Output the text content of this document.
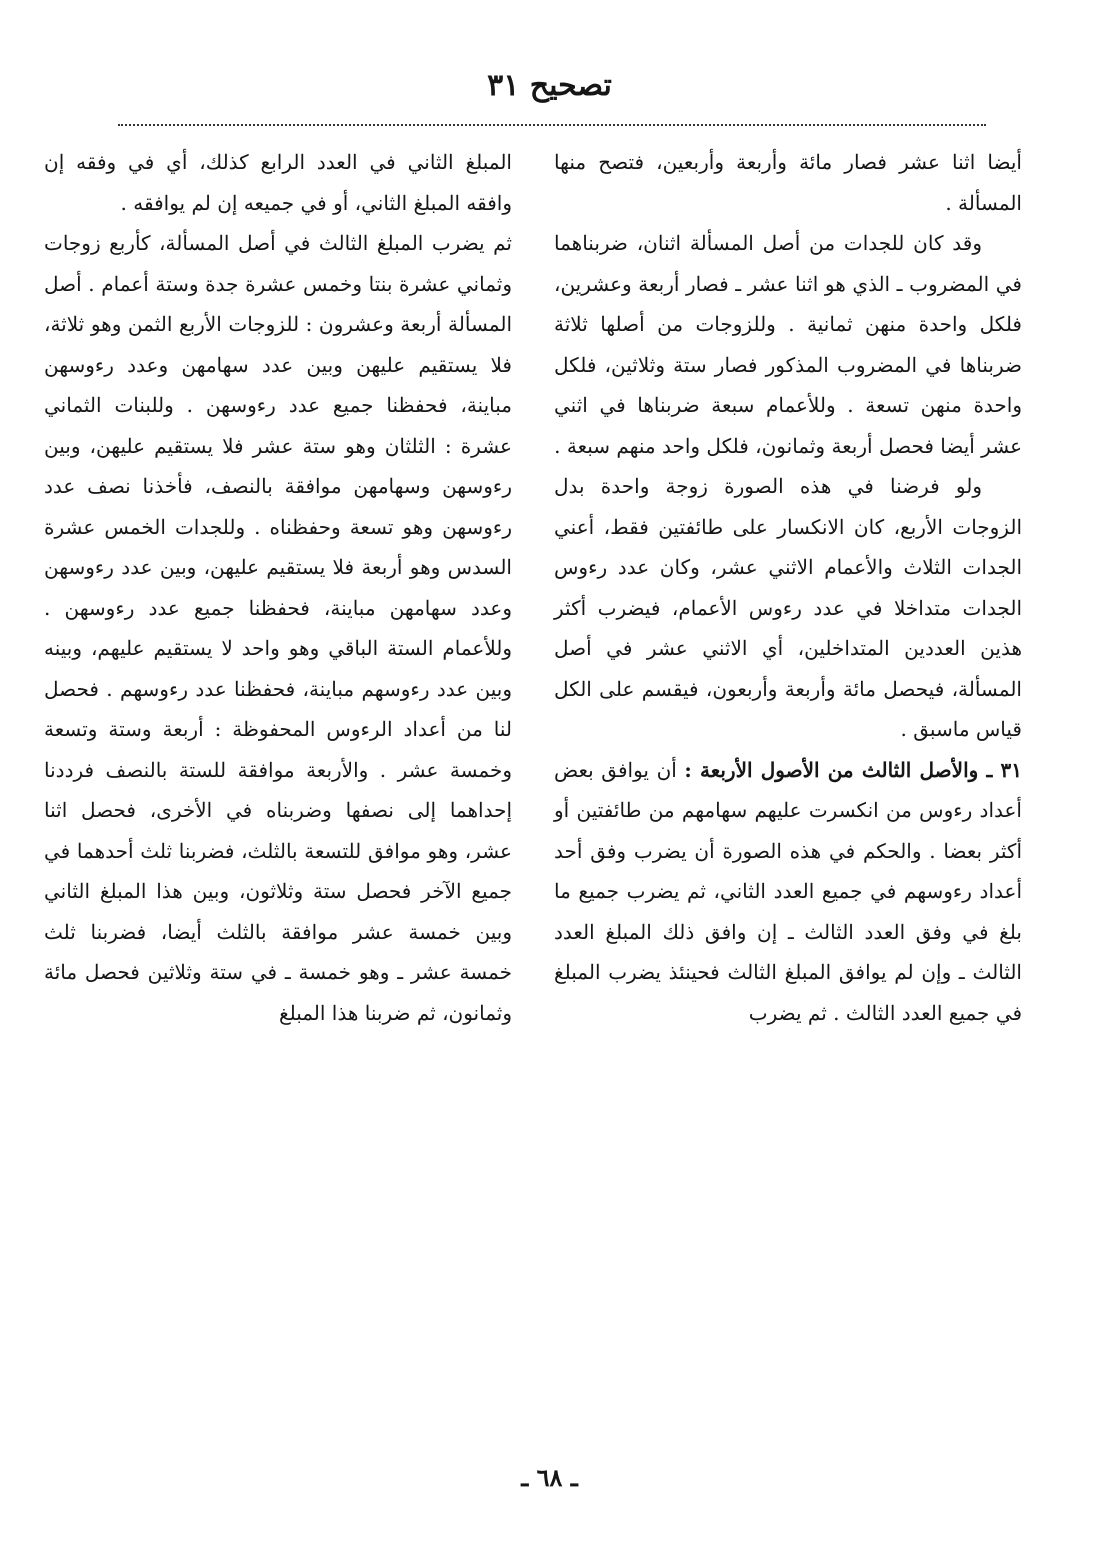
تصحيح ٣١

أيضا اثنا عشر فصار مائة وأربعة وأربعين، فتصح منها المسألة .

وقد كان للجدات من أصل المسألة اثنان، ضربناهما في المضروب ـ الذي هو اثنا عشر ـ فصار أربعة وعشرين، فلكل واحدة منهن ثمانية . وللزوجات من أصلها ثلاثة ضربناها في المضروب المذكور فصار ستة وثلاثين، فلكل واحدة منهن تسعة . وللأعمام سبعة ضربناها في اثني عشر أيضا فحصل أربعة وثمانون، فلكل واحد منهم سبعة .

ولو فرضنا في هذه الصورة زوجة واحدة بدل الزوجات الأربع، كان الانكسار على طائفتين فقط، أعني الجدات الثلاث والأعمام الاثني عشر، وكان عدد رءوس الجدات متداخلا في عدد رءوس الأعمام، فيضرب أكثر هذين العددين المتداخلين، أي الاثني عشر في أصل المسألة، فيحصل مائة وأربعة وأربعون، فيقسم على الكل قياس ماسبق .

٣١ ـ والأصل الثالث من الأصول الأربعة : أن يوافق بعض أعداد رءوس من انكسرت عليهم سهامهم من طائفتين أو أكثر بعضا . والحكم في هذه الصورة أن يضرب وفق أحد أعداد رءوسهم في جميع العدد الثاني، ثم يضرب جميع ما بلغ في وفق العدد الثالث ـ إن وافق ذلك المبلغ العدد الثالث ـ وإن لم يوافق المبلغ الثالث فحينئذ يضرب المبلغ في جميع العدد الثالث . ثم يضرب

المبلغ الثاني في العدد الرابع كذلك، أي في وفقه إن وافقه المبلغ الثاني، أو في جميعه إن لم يوافقه .

ثم يضرب المبلغ الثالث في أصل المسألة، كأربع زوجات وثماني عشرة بنتا وخمس عشرة جدة وستة أعمام . أصل المسألة أربعة وعشرون : للزوجات الأربع الثمن وهو ثلاثة، فلا يستقيم عليهن وبين عدد سهامهن وعدد رءوسهن مباينة، فحفظنا جميع عدد رءوسهن . وللبنات الثماني عشرة : الثلثان وهو ستة عشر فلا يستقيم عليهن، وبين رءوسهن وسهامهن موافقة بالنصف، فأخذنا نصف عدد رءوسهن وهو تسعة وحفظناه . وللجدات الخمس عشرة السدس وهو أربعة فلا يستقيم عليهن، وبين عدد رءوسهن وعدد سهامهن مباينة، فحفظنا جميع عدد رءوسهن . وللأعمام الستة الباقي وهو واحد لا يستقيم عليهم، وبينه وبين عدد رءوسهم مباينة، فحفظنا عدد رءوسهم . فحصل لنا من أعداد الرءوس المحفوظة : أربعة وستة وتسعة وخمسة عشر . والأربعة موافقة للستة بالنصف فرددنا إحداهما إلى نصفها وضربناه في الأخرى، فحصل اثنا عشر، وهو موافق للتسعة بالثلث، فضربنا ثلث أحدهما في جميع الآخر فحصل ستة وثلاثون، وبين هذا المبلغ الثاني وبين خمسة عشر موافقة بالثلث أيضا، فضربنا ثلث خمسة عشر ـ وهو خمسة ـ في ستة وثلاثين فحصل مائة وثمانون، ثم ضربنا هذا المبلغ

ـ ٦٨ ـ
